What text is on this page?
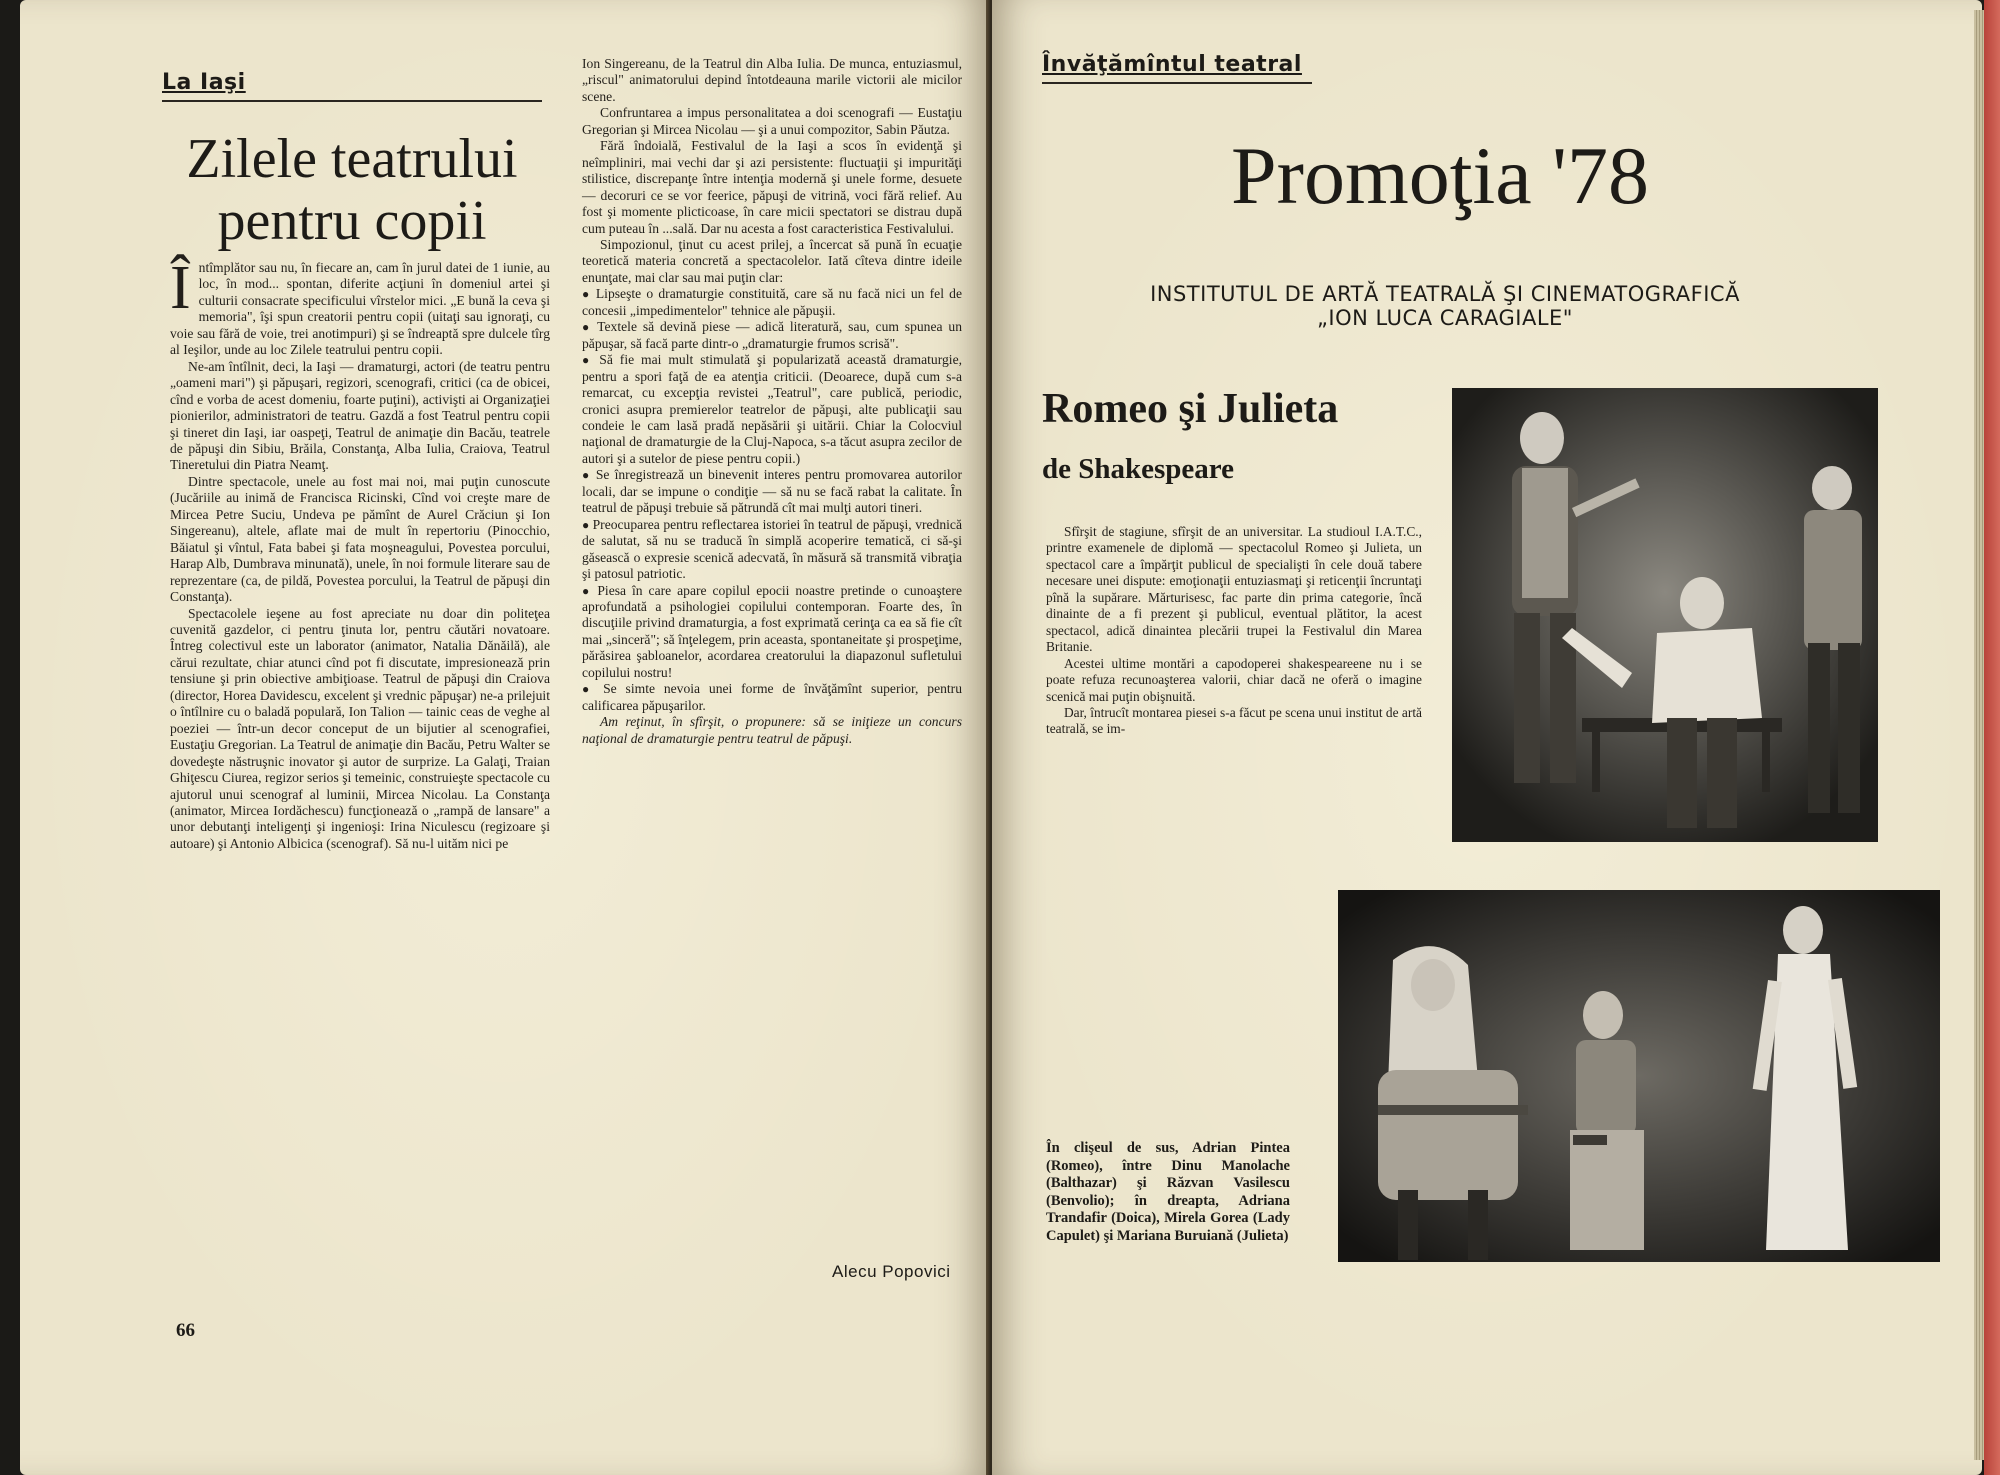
La Iaşi
Zilele teatrului
pentru copii

Întîmplător sau nu, în fiecare an, cam în jurul datei de 1 iunie, au loc, în mod... spontan, diferite acţiuni în domeniul artei şi culturii consacrate specificului vîrstelor mici. „E bună la ceva şi memoria", îşi spun creatorii pentru copii (uitaţi sau ignoraţi, cu voie sau fără de voie, trei anotimpuri) şi se îndreaptă spre dulcele tîrg al Ieşilor, unde au loc Zilele teatrului pentru copii.

Ne-am întîlnit, deci, la Iaşi — dramaturgi, actori (de teatru pentru „oameni mari") şi păpuşari, regizori, scenografi, critici (ca de obicei, cînd e vorba de acest domeniu, foarte puţini), activişti ai Organizaţiei pionierilor, administratori de teatru. Gazdă a fost Teatrul pentru copii şi tineret din Iaşi, iar oaspeţi, Teatrul de animaţie din Bacău, teatrele de păpuşi din Sibiu, Brăila, Constanţa, Alba Iulia, Craiova, Teatrul Tineretului din Piatra Neamţ.

Dintre spectacole, unele au fost mai noi, mai puţin cunoscute (Jucăriile au inimă de Francisca Ricinski, Cînd voi creşte mare de Mircea Petre Suciu, Undeva pe pămînt de Aurel Crăciun şi Ion Singereanu), altele, aflate mai de mult în repertoriu (Pinocchio, Băiatul şi vîntul, Fata babei şi fata moşneagului, Povestea porcului, Harap Alb, Dumbrava minunată), unele, în noi formule literare sau de reprezentare (ca, de pildă, Povestea porcului, la Teatrul de păpuşi din Constanţa).

Spectacolele ieşene au fost apreciate nu doar din politeţea cuvenită gazdelor, ci pentru ţinuta lor, pentru căutări novatoare. Întreg colectivul este un laborator (animator, Natalia Dănăilă), ale cărui rezultate, chiar atunci cînd pot fi discutate, impresionează prin tensiune şi prin obiective ambiţioase. Teatrul de păpuşi din Craiova (director, Horea Davidescu, excelent şi vrednic păpuşar) ne-a prilejuit o întîlnire cu o baladă populară, Ion Talion — tainic ceas de veghe al poeziei — într-un decor conceput de un bijutier al scenografiei, Eustaţiu Gregorian. La Teatrul de animaţie din Bacău, Petru Walter se dovedeşte năstruşnic inovator şi autor de surprize. La Galaţi, Traian Ghiţescu Ciurea, regizor serios şi temeinic, construieşte spectacole cu ajutorul unui scenograf al luminii, Mircea Nicolau. La Constanţa (animator, Mircea Iordăchescu) funcţionează o „rampă de lansare" a unor debutanţi inteligenţi şi ingenioşi: Irina Niculescu (regizoare şi autoare) şi Antonio Albicica (scenograf). Să nu-l uităm nici pe

Ion Singereanu, de la Teatrul din Alba Iulia. De munca, entuziasmul, „riscul" animatorului depind întotdeauna marile victorii ale micilor scene.

Confruntarea a impus personalitatea a doi scenografi — Eustaţiu Gregorian şi Mircea Nicolau — şi a unui compozitor, Sabin Păutza.

Fără îndoială, Festivalul de la Iaşi a scos în evidenţă şi neîmpliniri, mai vechi dar şi azi persistente: fluctuaţii şi impurităţi stilistice, discrepanţe între intenţia modernă şi unele forme, desuete — decoruri ce se vor feerice, păpuşi de vitrină, voci fără relief. Au fost şi momente plicticoase, în care micii spectatori se distrau după cum puteau în ...sală. Dar nu acesta a fost caracteristica Festivalului.

Simpozionul, ţinut cu acest prilej, a încercat să pună în ecuaţie teoretică materia concretă a spectacolelor. Iată cîteva dintre ideile enunţate, mai clar sau mai puţin clar:

● Lipseşte o dramaturgie constituită, care să nu facă nici un fel de concesii „impedimentelor" tehnice ale păpuşii.

● Textele să devină piese — adică literatură, sau, cum spunea un păpuşar, să facă parte dintr-o „dramaturgie frumos scrisă".

● Să fie mai mult stimulată şi popularizată această dramaturgie, pentru a spori faţă de ea atenţia criticii. (Deoarece, după cum s-a remarcat, cu excepţia revistei „Teatrul", care publică, periodic, cronici asupra premierelor teatrelor de păpuşi, alte publicaţii sau condeie le cam lasă pradă nepăsării şi uitării. Chiar la Colocviul naţional de dramaturgie de la Cluj-Napoca, s-a tăcut asupra zecilor de autori şi a sutelor de piese pentru copii.)

● Se înregistrează un binevenit interes pentru promovarea autorilor locali, dar se impune o condiţie — să nu se facă rabat la calitate. În teatrul de păpuşi trebuie să pătrundă cît mai mulţi autori tineri.

● Preocuparea pentru reflectarea istoriei în teatrul de păpuşi, vrednică de salutat, să nu se traducă în simplă acoperire tematică, ci să-şi găsească o expresie scenică adecvată, în măsură să transmită vibraţia şi patosul patriotic.

● Piesa în care apare copilul epocii noastre pretinde o cunoaştere aprofundată a psihologiei copilului contemporan. Foarte des, în discuţiile privind dramaturgia, a fost exprimată cerinţa ca ea să fie cît mai „sinceră"; să înţelegem, prin aceasta, spontaneitate şi prospeţime, părăsirea şabloanelor, acordarea creatorului la diapazonul sufletului copilului nostru!

● Se simte nevoia unei forme de învăţămînt superior, pentru calificarea păpuşarilor.

Am reţinut, în sfîrşit, o propunere: să se iniţieze un concurs naţional de dramaturgie pentru teatrul de păpuşi.

Alecu Popovici
66
Învăţămîntul teatral
Promoţia '78
INSTITUTUL DE ARTĂ TEATRALĂ ŞI CINEMATOGRAFICĂ
„ION LUCA CARAGIALE"
Romeo şi Julieta
de Shakespeare

Sfîrşit de stagiune, sfîrşit de an universitar. La studioul I.A.T.C., printre examenele de diplomă — spectacolul Romeo şi Julieta, un spectacol care a împărţit publicul de specialişti în cele două tabere necesare unei dispute: emoţionaţii entuziasmaţi şi reticenţii încruntaţi pînă la supărare. Mărturisesc, fac parte din prima categorie, încă dinainte de a fi prezent şi publicul, eventual plătitor, la acest spectacol, adică dinaintea plecării trupei la Festivalul din Marea Britanie.

Acestei ultime montări a capodoperei shakespeareene nu i se poate refuza recunoaşterea valorii, chiar dacă ne oferă o imagine scenică mai puţin obişnuită.

Dar, întrucît montarea piesei s-a făcut pe scena unui institut de artă teatrală, se im-

În clişeul de sus, Adrian Pintea (Romeo), între Dinu Manolache (Balthazar) şi Răzvan Vasilescu (Benvolio); în dreapta, Adriana Trandafir (Doica), Mirela Gorea (Lady Capulet) şi Mariana Buruiană (Julieta)
